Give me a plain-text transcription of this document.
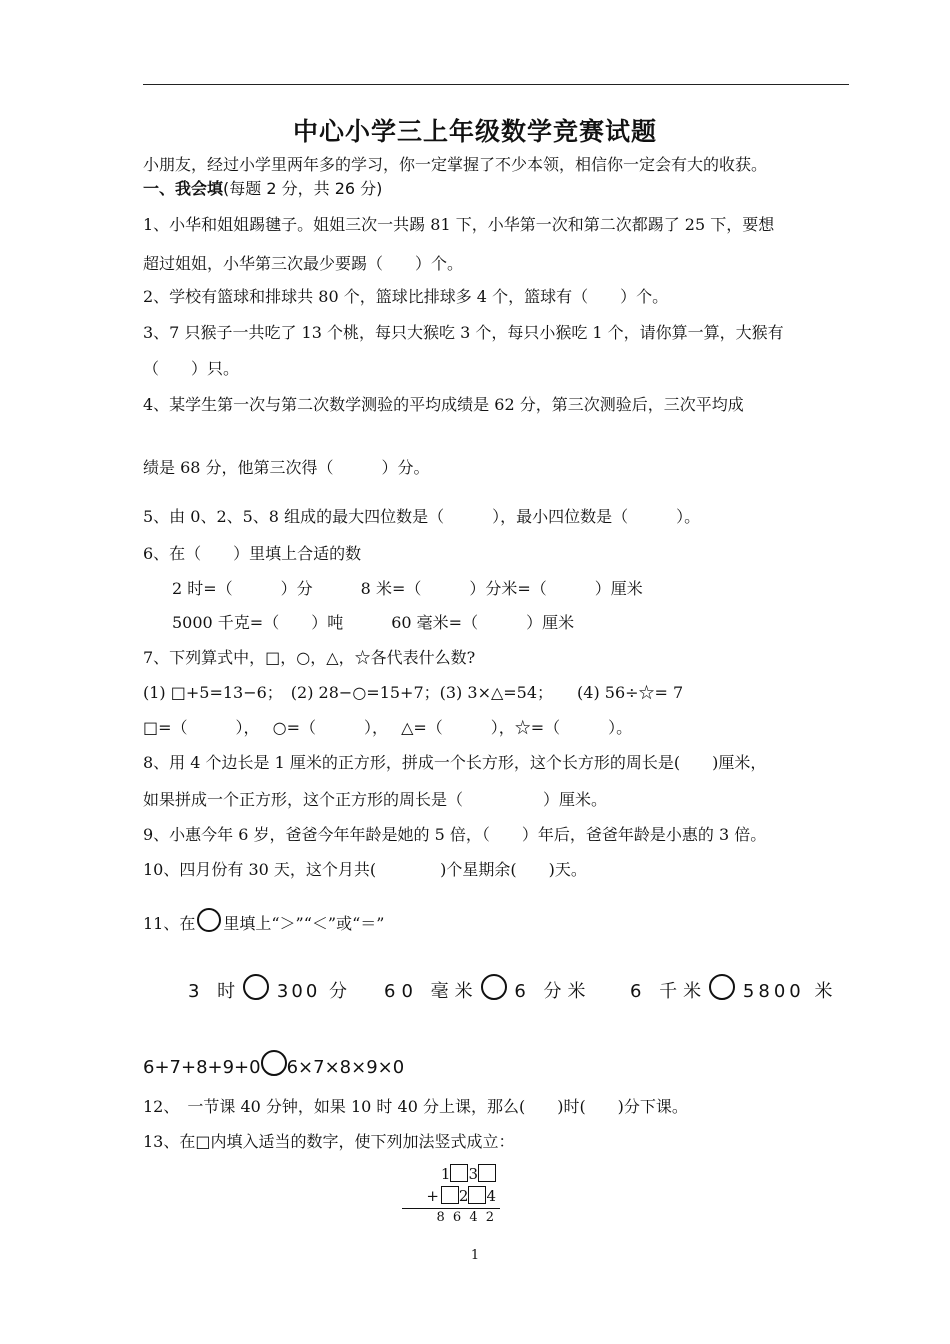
中心小学三上年级数学竞赛试题
小朋友，经过小学里两年多的学习，你一定掌握了不少本领，相信你一定会有大的收获。
一、我会填(每题 2 分，共 26 分)
1、小华和姐姐踢毽子。姐姐三次一共踢 81 下，小华第一次和第二次都踢了 25 下，要想
超过姐姐，小华第三次最少要踢（　　）个。
2、学校有篮球和排球共 80 个，篮球比排球多 4 个，篮球有（　　）个。
3、7 只猴子一共吃了 13 个桃，每只大猴吃 3 个，每只小猴吃 1 个，请你算一算，大猴有
（　　）只。
4、某学生第一次与第二次数学测验的平均成绩是 62 分，第三次测验后，三次平均成
绩是 68 分，他第三次得（　　　）分。
5、由 0、2、5、8 组成的最大四位数是（　　　），最小四位数是（　　　）。
6、在（　　）里填上合适的数
2 时=（　　　）分　　　8 米=（　　　）分米=（　　　）厘米
5000 千克=（　　）吨　　　60 毫米=（　　　）厘米
7、下列算式中，□，○，△，☆各代表什么数?
(1) □+5=13−6；　(2) 28−○=15+7；(3) 3×△=54；　　(4) 56÷☆= 7
□=（　　　），　 ○=（　　　），　 △=（　　　），☆=（　　　）。
8、用 4 个边长是 1 厘米的正方形，拼成一个长方形，这个长方形的周长是(　　)厘米，
如果拼成一个正方形，这个正方形的周长是（　　　　　）厘米。
9、小惠今年 6 岁，爸爸今年年龄是她的 5 倍，（　　）年后，爸爸年龄是小惠的 3 倍。
10、四月份有 30 天，这个月共(　　　　)个星期余(　　)天。
11、在 里填上“＞”“＜”或“＝”
3 时 300 分 60 毫米 6 分米 6 千米 5800 米
6+7+8+9+0 6×7×8×9×0
12、　一节课 40 分钟，如果 10 时 40 分上课，那么(　　)时(　　)分下课。
13、在□内填入适当的数字，使下列加法竖式成立：
1 3
+ 2 4
8 6 4 2
1
